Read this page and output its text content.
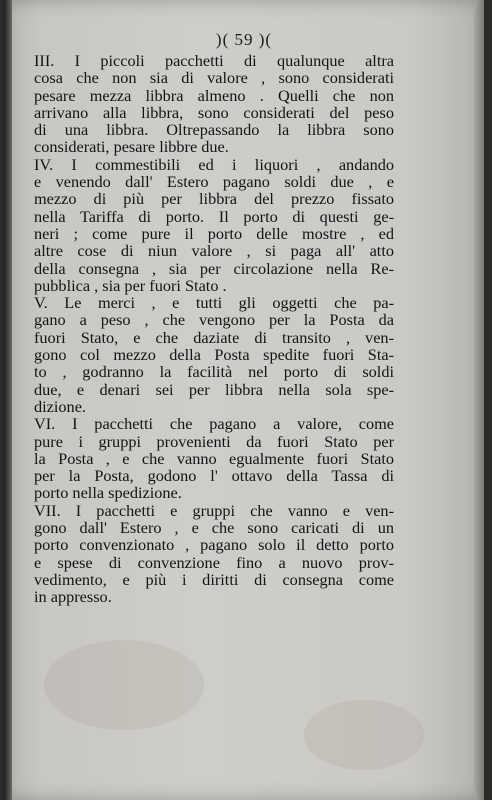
)( 59 )(

III. I piccoli pacchetti di qualunque altra
cosa che non sia di valore , sono considerati
pesare mezza libbra almeno . Quelli che non
arrivano alla libbra, sono considerati del peso
di una libbra. Oltrepassando la libbra sono
considerati, pesare libbre due.

IV. I commestibili ed i liquori , andando
e venendo dall' Estero pagano soldi due , e
mezzo di più per libbra del prezzo fissato
nella Tariffa di porto. Il porto di questi ge-
neri ; come pure il porto delle mostre , ed
altre cose di niun valore , si paga all' atto
della consegna , sia per circolazione nella Re-
pubblica , sia per fuori Stato .

V. Le merci , e tutti gli oggetti che pa-
gano a peso , che vengono per la Posta da
fuori Stato, e che daziate di transito , ven-
gono col mezzo della Posta spedite fuori Sta-
to , godranno la facilità nel porto di soldi
due, e denari sei per libbra nella sola spe-
dizione.

VI. I pacchetti che pagano a valore, come
pure i gruppi provenienti da fuori Stato per
la Posta , e che vanno egualmente fuori Stato
per la Posta, godono l' ottavo della Tassa di
porto nella spedizione.

VII. I pacchetti e gruppi che vanno e ven-
gono dall' Estero , e che sono caricati di un
porto convenzionato , pagano solo il detto porto
e spese di convenzione fino a nuovo prov-
vedimento, e più i diritti di consegna come
in appresso.
